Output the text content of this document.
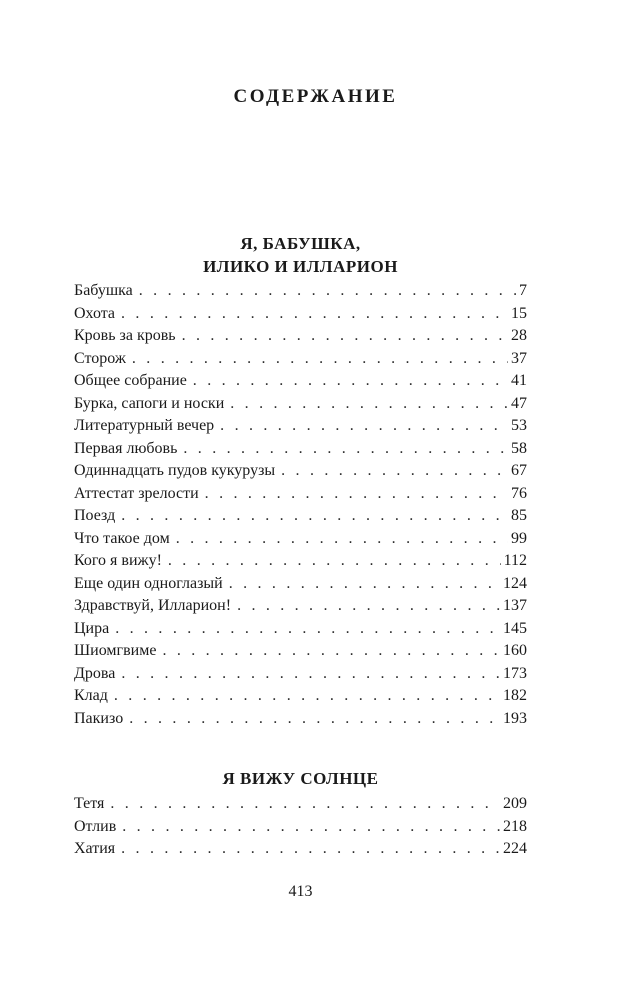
СОДЕРЖАНИЕ
Я, БАБУШКА,
ИЛИКО И ИЛЛАРИОН
Бабушка . . .	7
Охота . . .	15
Кровь за кровь . . .	28
Сторож . . .	37
Общее собрание . . .	41
Бурка, сапоги и носки . . .	47
Литературный вечер . . .	53
Первая любовь . . .	58
Одиннадцать пудов кукурузы . . .	67
Аттестат зрелости . . .	76
Поезд . . .	85
Что такое дом . . .	99
Кого я вижу! . . .	112
Еще один одноглазый . . .	124
Здравствуй, Илларион! . . .	137
Цира . . .	145
Шиомгвиме . . .	160
Дрова . . .	173
Клад . . .	182
Пакизо . . .	193
Я ВИЖУ СОЛНЦЕ
Тетя . . .	209
Отлив . . .	218
Хатия . . .	224
413
